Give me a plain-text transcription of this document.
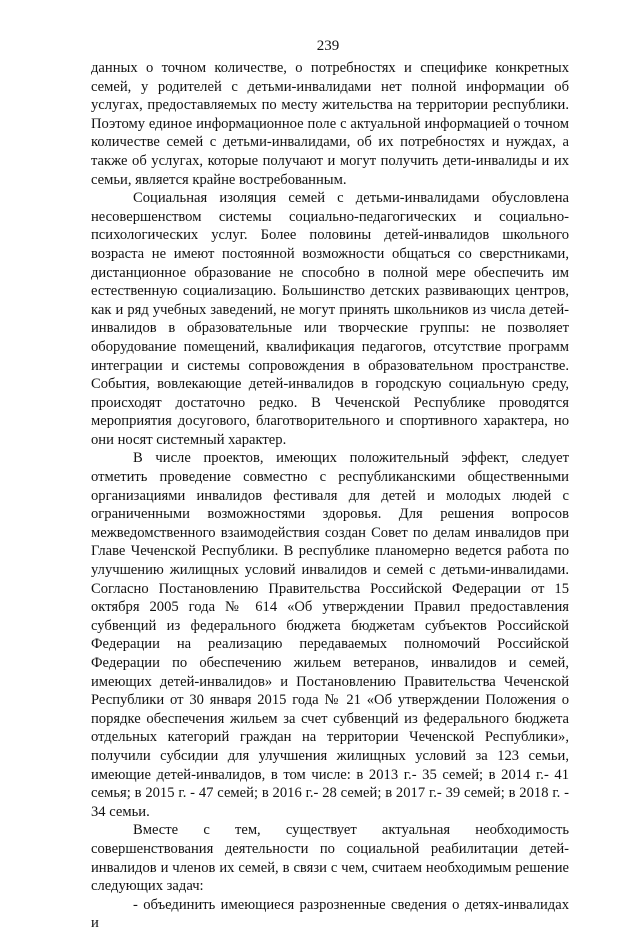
239

данных о точном количестве, о потребностях и специфике конкретных семей, у родителей с детьми-инвалидами нет полной информации об услугах, предоставляемых по месту жительства на территории республики. Поэтому единое информационное поле с актуальной информацией о точном количестве семей с детьми-инвалидами, об их потребностях и нуждах, а также об услугах, которые получают и могут получить дети-инвалиды и их семьи, является крайне востребованным.

Социальная изоляция семей с детьми-инвалидами обусловлена несовершенством системы социально-педагогических и социально-психологических услуг. Более половины детей-инвалидов школьного возраста не имеют постоянной возможности общаться со сверстниками, дистанционное образование не способно в полной мере обеспечить им естественную социализацию. Большинство детских развивающих центров, как и ряд учебных заведений, не могут принять школьников из числа детей-инвалидов в образовательные или творческие группы: не позволяет оборудование помещений, квалификация педагогов, отсутствие программ интеграции и системы сопровождения в образовательном пространстве. События, вовлекающие детей-инвалидов в городскую социальную среду, происходят достаточно редко. В Чеченской Республике проводятся мероприятия досугового, благотворительного и спортивного характера, но они носят системный характер.

В числе проектов, имеющих положительный эффект, следует отметить проведение совместно с республиканскими общественными организациями инвалидов фестиваля для детей и молодых людей с ограниченными возможностями здоровья. Для решения вопросов межведомственного взаимодействия создан Совет по делам инвалидов при Главе Чеченской Республики. В республике планомерно ведется работа по улучшению жилищных условий инвалидов и семей с детьми-инвалидами. Согласно Постановлению Правительства Российской Федерации от 15 октября 2005 года № 614 «Об утверждении Правил предоставления субвенций из федерального бюджета бюджетам субъектов Российской Федерации на реализацию передаваемых полномочий Российской Федерации по обеспечению жильем ветеранов, инвалидов и семей, имеющих детей-инвалидов» и Постановлению Правительства Чеченской Республики от 30 января 2015 года № 21 «Об утверждении Положения о порядке обеспечения жильем за счет субвенций из федерального бюджета отдельных категорий граждан на территории Чеченской Республики», получили субсидии для улучшения жилищных условий за 123 семьи, имеющие детей-инвалидов, в том числе: в 2013 г.- 35 семей; в 2014 г.- 41 семья; в 2015 г. - 47 семей; в 2016 г.- 28 семей; в 2017 г.- 39 семей; в 2018 г. - 34 семьи.

Вместе с тем, существует актуальная необходимость совершенствования деятельности по социальной реабилитации детей-инвалидов и членов их семей, в связи с чем, считаем необходимым решение следующих задач:

- объединить имеющиеся разрозненные сведения о детях-инвалидах и
